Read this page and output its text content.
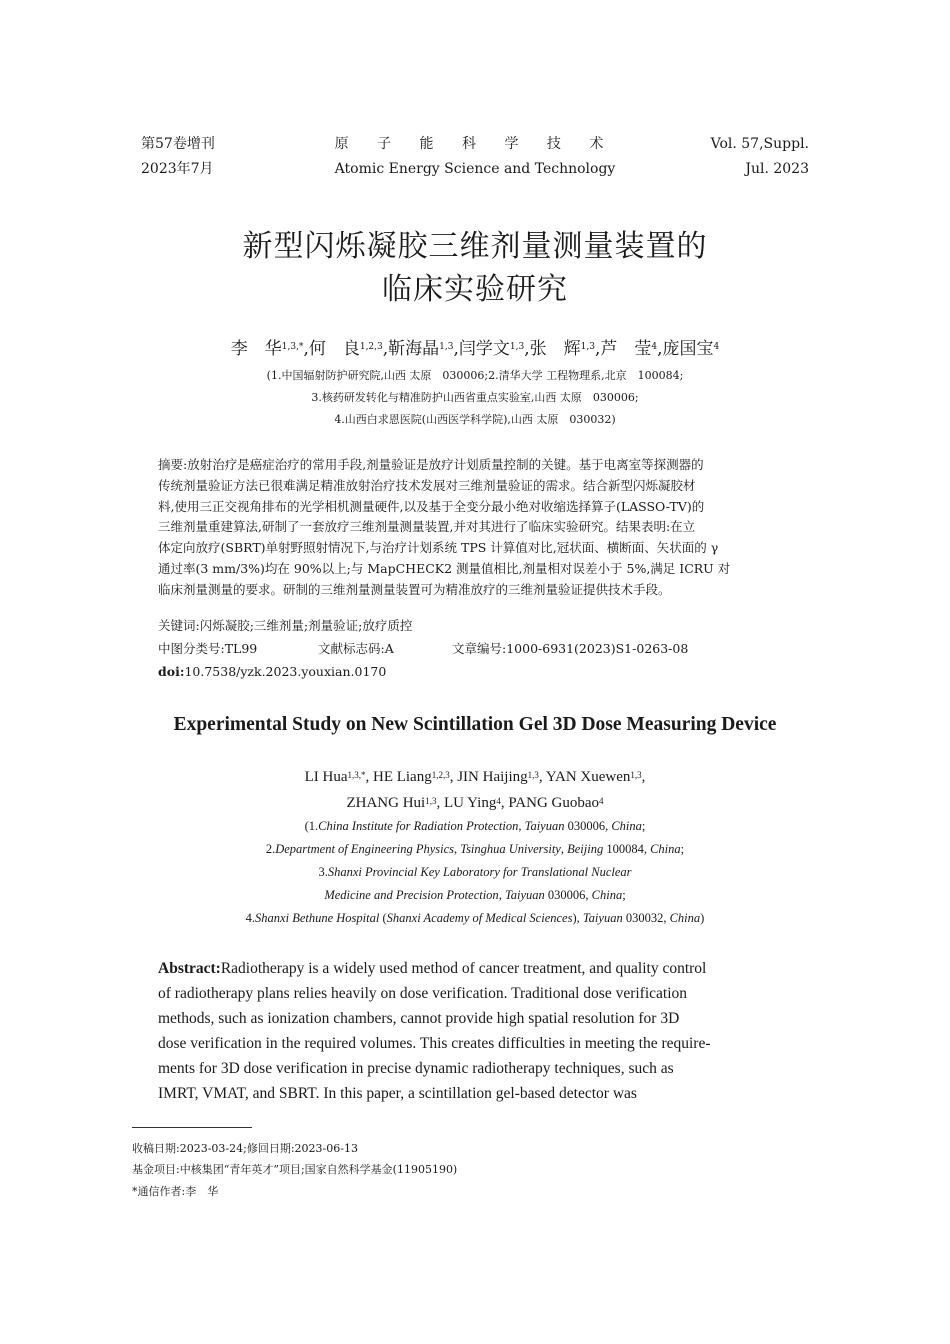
第57卷增刊
2023年7月
原 子 能 科 学 技 术
Atomic Energy Science and Technology
Vol. 57,Suppl.
Jul. 2023
新型闪烁凝胶三维剂量测量装置的
临床实验研究
李　华$^{1,3,*}$,何　良$^{1,2,3}$,靳海晶$^{1,3}$,闫学文$^{1,3}$,张　辉$^{1,3}$,芦　莹$^4$,庞国宝$^4$
(1.中国辐射防护研究院,山西 太原　030006;2.清华大学 工程物理系,北京　100084;
3.核药研发转化与精准防护山西省重点实验室,山西 太原　030006;
4.山西白求恩医院(山西医学科学院),山西 太原　030032)
摘要:放射治疗是癌症治疗的常用手段,剂量验证是放疗计划质量控制的关键。基于电离室等探测器的
传统剂量验证方法已很难满足精准放射治疗技术发展对三维剂量验证的需求。结合新型闪烁凝胶材
料,使用三正交视角排布的光学相机测量硬件,以及基于全变分最小绝对收缩选择算子(LASSO-TV)的
三维剂量重建算法,研制了一套放疗三维剂量测量装置,并对其进行了临床实验研究。结果表明:在立
体定向放疗(SBRT)单射野照射情况下,与治疗计划系统 TPS 计算值对比,冠状面、横断面、矢状面的 γ
通过率(3 mm/3%)均在 90%以上;与 MapCHECK2 测量值相比,剂量相对误差小于 5%,满足 ICRU 对
临床剂量测量的要求。研制的三维剂量测量装置可为精准放疗的三维剂量验证提供技术手段。
关键词:闪烁凝胶;三维剂量;剂量验证;放疗质控
中图分类号:TL99	文献标志码:A	文章编号:1000-6931(2023)S1-0263-08
doi:10.7538/yzk.2023.youxian.0170
Experimental Study on New Scintillation Gel 3D Dose Measuring Device
LI Hua$^{1,3,*}$, HE Liang$^{1,2,3}$, JIN Haijing$^{1,3}$, YAN Xuewen$^{1,3}$,
ZHANG Hui$^{1,3}$, LU Ying$^4$, PANG Guobao$^4$
(1.China Institute for Radiation Protection, Taiyuan 030006, China;
2.Department of Engineering Physics, Tsinghua University, Beijing 100084, China;
3.Shanxi Provincial Key Laboratory for Translational Nuclear
Medicine and Precision Protection, Taiyuan 030006, China;
4.Shanxi Bethune Hospital (Shanxi Academy of Medical Sciences), Taiyuan 030032, China)
Abstract:Radiotherapy is a widely used method of cancer treatment, and quality control
of radiotherapy plans relies heavily on dose verification. Traditional dose verification
methods, such as ionization chambers, cannot provide high spatial resolution for 3D
dose verification in the required volumes. This creates difficulties in meeting the require-
ments for 3D dose verification in precise dynamic radiotherapy techniques, such as
IMRT, VMAT, and SBRT. In this paper, a scintillation gel-based detector was
收稿日期:2023-03-24;修回日期:2023-06-13
基金项目:中核集团“青年英才”项目;国家自然科学基金(11905190)
*通信作者:李　华
